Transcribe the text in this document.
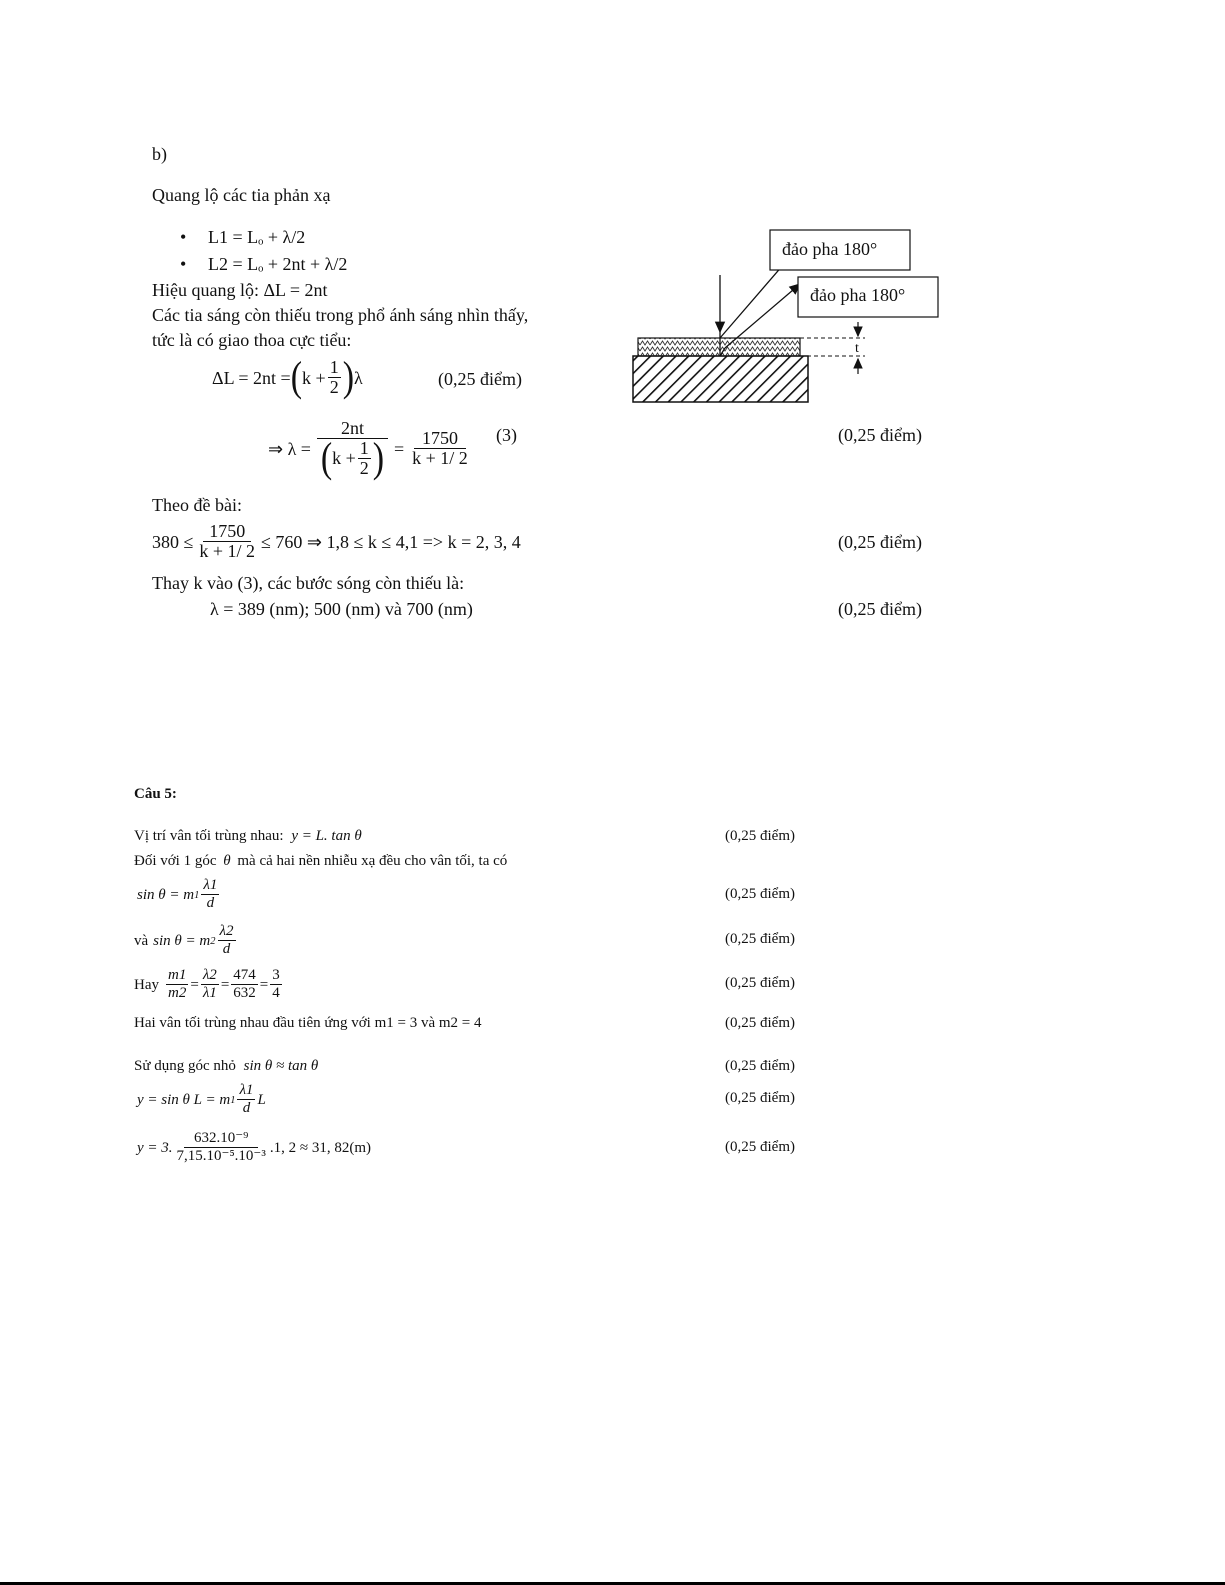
b)
Quang lộ các tia phản xạ
• L1 = Lₒ + λ/2
• L2 = Lₒ + 2nt + λ/2
Hiệu quang lộ: ΔL = 2nt
Các tia sáng còn thiếu trong phổ ánh sáng nhìn thấy,
tức là có giao thoa cực tiểu:
ΔL = 2nt = ( $k + \frac{1}{2}$ ) λ	(0,25 điểm)
⇒ $\lambda = \frac{2nt}{( k + \frac{1}{2} )} = \frac{1750}{k + 1/ 2} (3)$	(0,25 điểm)
Theo đề bài:
$380 \le \frac{1750}{k + 1/ 2} \le 760$ ⇒ 1,8 ≤ k ≤ 4,1 => k = 2, 3, 4	(0,25 điểm)
Thay k vào (3), các bước sóng còn thiếu là:
λ = 389 (nm); 500 (nm) và 700 (nm)	(0,25 điểm)
đảo pha 180°
đảo pha 180°
t
Câu 5:
Vị trí vân tối trùng nhau: y = L. tan θ	(0,25 điểm)
Đối với 1 góc θ mà cả hai nền nhiễu xạ đều cho vân tối, ta có
sin θ = m $1 \frac{\lambda 1}{d}$	(0,25 điểm)
và sin θ = m $2 \frac{\lambda 2}{d}$	(0,25 điểm)
Hay $\frac{m1}{m2} = \frac{\lambda 2}{\lambda 1} = \frac{474}{632} = \frac{3}{4}$	(0,25 điểm)
Hai vân tối trùng nhau đầu tiên ứng với m1 = 3 và m2 = 4	(0,25 điểm)
Sử dụng góc nhỏ sin θ ≈ tan θ	(0,25 điểm)
y = sin θ L = m $1 \frac{\lambda 1}{d}$ L	(0,25 điểm)
y = 3. $\frac{\text{632.10⁻⁹}}{\text{7,15.10⁻⁵.10⁻³}} .1$, 2 ≈ 31, 82(m)	(0,25 điểm)
